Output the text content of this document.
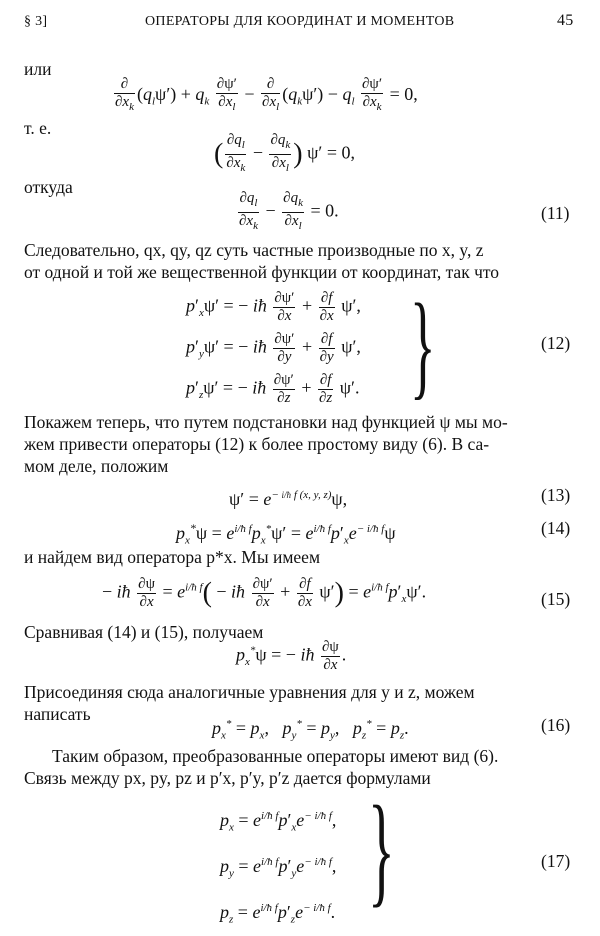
§ 3]	ОПЕРАТОРЫ ДЛЯ КООРДИНАТ И МОМЕНТОВ	45
или
$\frac{\partial}{\partial x_k} (q_l\psi') + q_k \frac{\partial\psi'}{\partial x_l} - \frac{\partial}{\partial x_l} (q_k\psi') - q_l \frac{\partial\psi'}{\partial x_k} = 0$,
т. е.
( $\frac{\partial q_l}{\partial x_k} - \frac{\partial q_k}{\partial x_l}$ ) ψ′ = 0,
откуда
$\frac{\partial q_l}{\partial x_k} - \frac{\partial q_k}{\partial x_l} = 0$.	(11)
Следовательно, qx, qy, qz суть частные производные по x, y, z
от одной и той же вещественной функции от координат, так что
$p'_x\psi'$ = − iħ $\frac{\partial\psi'}{\partial x} + \frac{\partial f}{\partial x} \psi'$,
$p'_y\psi'$ = − iħ $\frac{\partial\psi'}{\partial y} + \frac{\partial f}{\partial y} \psi'$,
$p'_z\psi'$ = − iħ $\frac{\partial\psi'}{\partial z} + \frac{\partial f}{\partial z} \psi'$. }	(12)
Покажем теперь, что путем подстановки над функцией ψ мы мо-
жем привести операторы (12) к более простому виду (6). В са-
мом деле, положим
$\psi' = e^{- i/ħ f (x, y, z)}\psi$,	(13)
$p_x^*\psi = e^{i/ħ f}p_x^*\psi' = e^{i/ħ f}p'_xe^{- i/ħ f}\psi$	(14)
и найдем вид оператора p*x. Мы имеем
− iħ $\frac{\partial\psi}{\partial x} = e^{i/ħ f}$( − iħ $\frac{\partial\psi'}{\partial x} + \frac{\partial f}{\partial x} \psi') = e^{i/ħ f}p'_x\psi'$.	(15)
Сравнивая (14) и (15), получаем
$p_x^*\psi$ = − iħ $\frac{\partial\psi}{\partial x}$ .
Присоединяя сюда аналогичные уравнения для y и z, можем
написать
$p_x^* = p_x$,   $p_y^* = p_y$,   $p_z^* = p_z$.	(16)
Таким образом, преобразованные операторы имеют вид (6).
Связь между px, py, pz и p′x, p′y, p′z дается формулами
$p_x = e^{i/ħ f}p'_xe^{- i/ħ f}$,
$p_y = e^{i/ħ f}p'_ye^{- i/ħ f}$,
$p_z = e^{i/ħ f}p'_ze^{- i/ħ f}$. }	(17)
